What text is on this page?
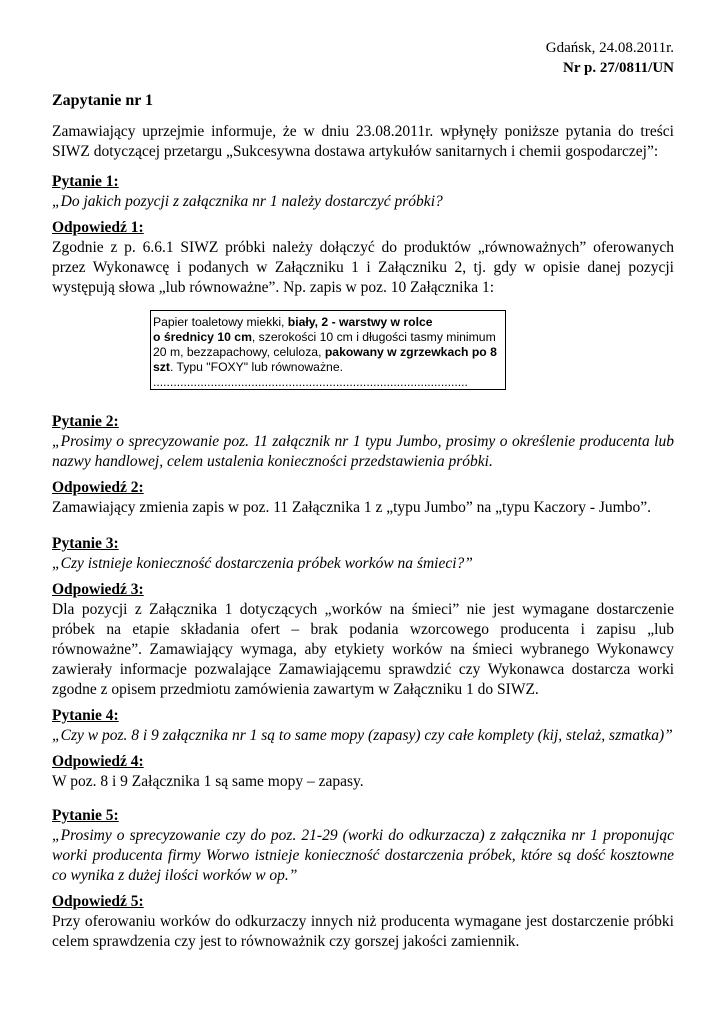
Gdańsk, 24.08.2011r.
Nr p. 27/0811/UN
Zapytanie nr 1
Zamawiający uprzejmie informuje, że w dniu 23.08.2011r. wpłynęły poniższe pytania do treści SIWZ dotyczącej przetargu „Sukcesywna dostawa artykułów sanitarnych i chemii gospodarczej”:
Pytanie 1:
„Do jakich pozycji z załącznika nr 1 należy dostarczyć próbki?
Odpowiedź 1:
Zgodnie z p. 6.6.1 SIWZ próbki należy dołączyć do produktów „równoważnych” oferowanych przez Wykonawcę i podanych w Załączniku 1 i Załączniku 2, tj. gdy w opisie danej pozycji występują słowa „lub równoważne”. Np. zapis w poz. 10 Załącznika 1:
Papier toaletowy miekki, biały, 2 - warstwy w rolce
o średnicy 10 cm, szerokości 10 cm i długości tasmy minimum 20 m, bezzapachowy, celuloza, pakowany w zgrzewkach po 8 szt. Typu "FOXY" lub równoważne.
.............................................................................................
Pytanie 2:
„Prosimy o sprecyzowanie poz. 11 załącznik nr 1 typu Jumbo, prosimy o określenie producenta lub nazwy handlowej, celem ustalenia konieczności przedstawienia próbki.
Odpowiedź 2:
Zamawiający zmienia zapis w poz. 11 Załącznika 1 z „typu Jumbo” na „typu Kaczory - Jumbo”.
Pytanie 3:
„Czy istnieje konieczność dostarczenia próbek worków na śmieci?”
Odpowiedź 3:
Dla pozycji z Załącznika 1 dotyczących „worków na śmieci” nie jest wymagane dostarczenie próbek na etapie składania ofert – brak podania wzorcowego producenta i zapisu „lub równoważne”. Zamawiający wymaga, aby etykiety worków na śmieci wybranego Wykonawcy zawierały informacje pozwalające Zamawiającemu sprawdzić czy Wykonawca dostarcza worki zgodne z opisem przedmiotu zamówienia zawartym w Załączniku 1 do SIWZ.
Pytanie 4:
„Czy w poz. 8 i 9 załącznika nr 1 są to same mopy (zapasy) czy całe komplety (kij, stelaż, szmatka)”
Odpowiedź 4:
W poz. 8 i 9 Załącznika 1 są same mopy – zapasy.
Pytanie 5:
„Prosimy o sprecyzowanie czy do poz. 21-29 (worki do odkurzacza) z załącznika nr 1 proponując worki producenta firmy Worwo istnieje konieczność dostarczenia próbek, które są dość kosztowne co wynika z dużej ilości worków w op.”
Odpowiedź 5:
Przy oferowaniu worków do odkurzaczy innych niż producenta wymagane jest dostarczenie próbki celem sprawdzenia czy jest to równoważnik czy gorszej jakości zamiennik.
